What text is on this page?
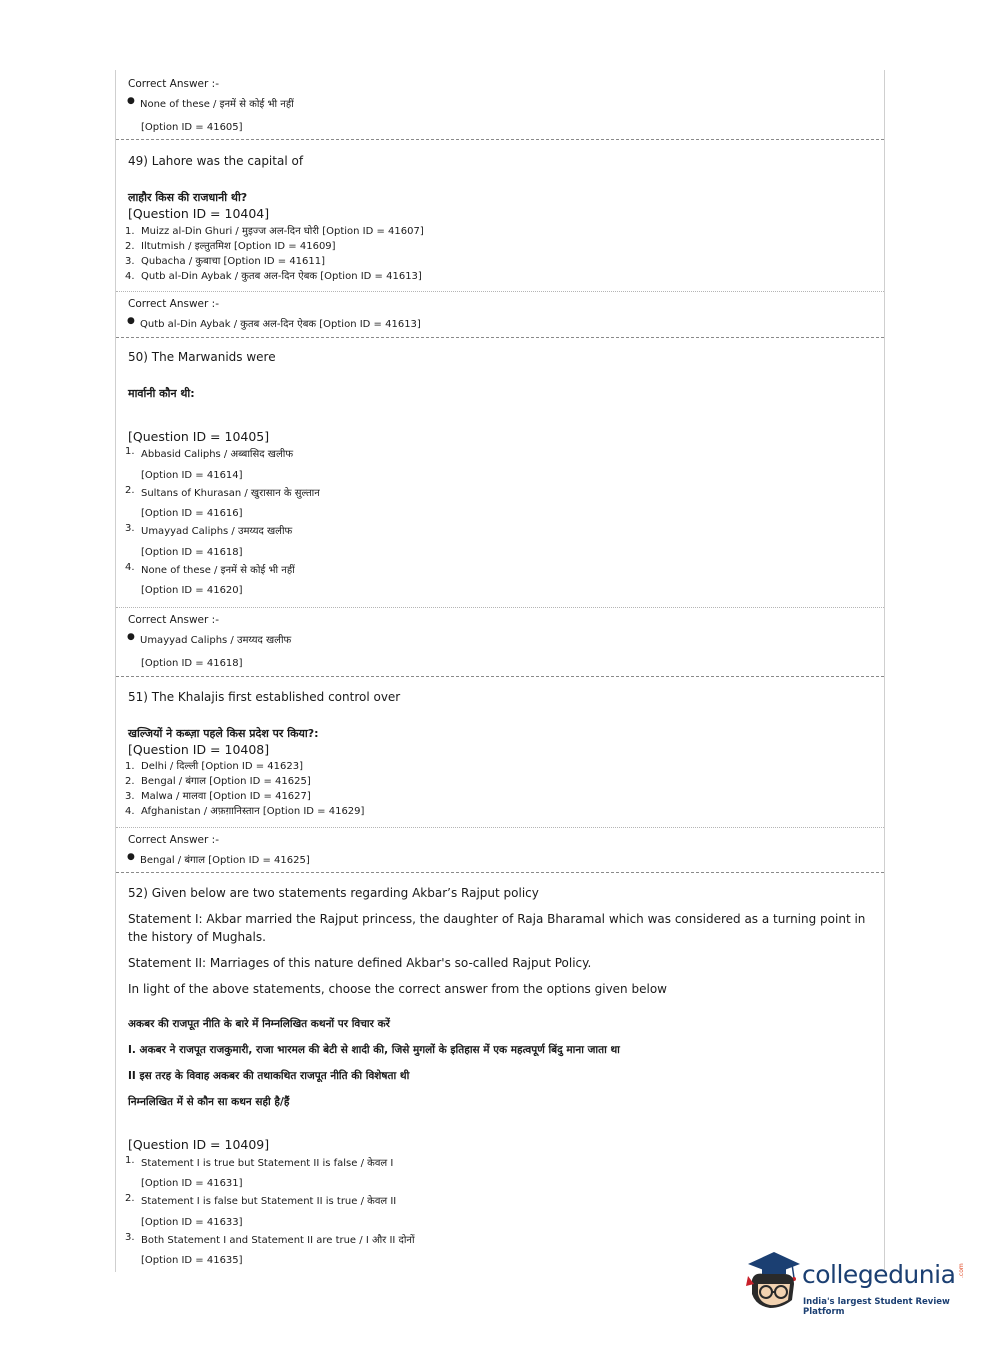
Correct Answer :-
● None of these / इनमें से कोई भी नहीं
[Option ID = 41605]
49) Lahore was the capital of
लाहौर किस की राजधानी थी?
[Question ID = 10404]
1. Muizz al-Din Ghuri / मुइज्ज अल-दिन घोरी [Option ID = 41607]
2. Iltutmish / इल्तुतमिश [Option ID = 41609]
3. Qubacha / कुबाचा [Option ID = 41611]
4. Qutb al-Din Aybak / कुतब अल-दिन ऐबक [Option ID = 41613]
Correct Answer :-
● Qutb al-Din Aybak / कुतब अल-दिन ऐबक [Option ID = 41613]
50) The Marwanids were
मार्वानी कौन थी:
[Question ID = 10405]
1. Abbasid Caliphs / अब्बासिद खलीफ
[Option ID = 41614]
2. Sultans of Khurasan / खुरासान के सुल्तान
[Option ID = 41616]
3. Umayyad Caliphs / उमय्यद खलीफ
[Option ID = 41618]
4. None of these / इनमें से कोई भी नहीं
[Option ID = 41620]
Correct Answer :-
● Umayyad Caliphs / उमय्यद खलीफ
[Option ID = 41618]
51) The Khalajis first established control over
खल्जियों ने कब्ज़ा पहले किस प्रदेश पर किया?:
[Question ID = 10408]
1. Delhi / दिल्ली [Option ID = 41623]
2. Bengal / बंगाल [Option ID = 41625]
3. Malwa / मालवा [Option ID = 41627]
4. Afghanistan / अफ़ग़ानिस्तान [Option ID = 41629]
Correct Answer :-
● Bengal / बंगाल [Option ID = 41625]
52) Given below are two statements regarding Akbar’s Rajput policy
Statement I: Akbar married the Rajput princess, the daughter of Raja Bharamal which was considered as a turning point in the history of Mughals.
Statement II: Marriages of this nature defined Akbar's so-called Rajput Policy.
In light of the above statements, choose the correct answer from the options given below
अकबर की राजपूत नीति के बारे में निम्नलिखित कथनों पर विचार करें
I. अकबर ने राजपूत राजकुमारी, राजा भारमल की बेटी से शादी की, जिसे मुगलों के इतिहास में एक महत्वपूर्ण बिंदु माना जाता था
II इस तरह के विवाह अकबर की तथाकथित राजपूत नीति की विशेषता थी
निम्नलिखित में से कौन सा कथन सही है/हैं
[Question ID = 10409]
1. Statement I is true but Statement II is false / केवल I
[Option ID = 41631]
2. Statement I is false but Statement II is true / केवल II
[Option ID = 41633]
3. Both Statement I and Statement II are true / I और II दोनों
[Option ID = 41635]	collegedunia .com
India's largest Student Review Platform
